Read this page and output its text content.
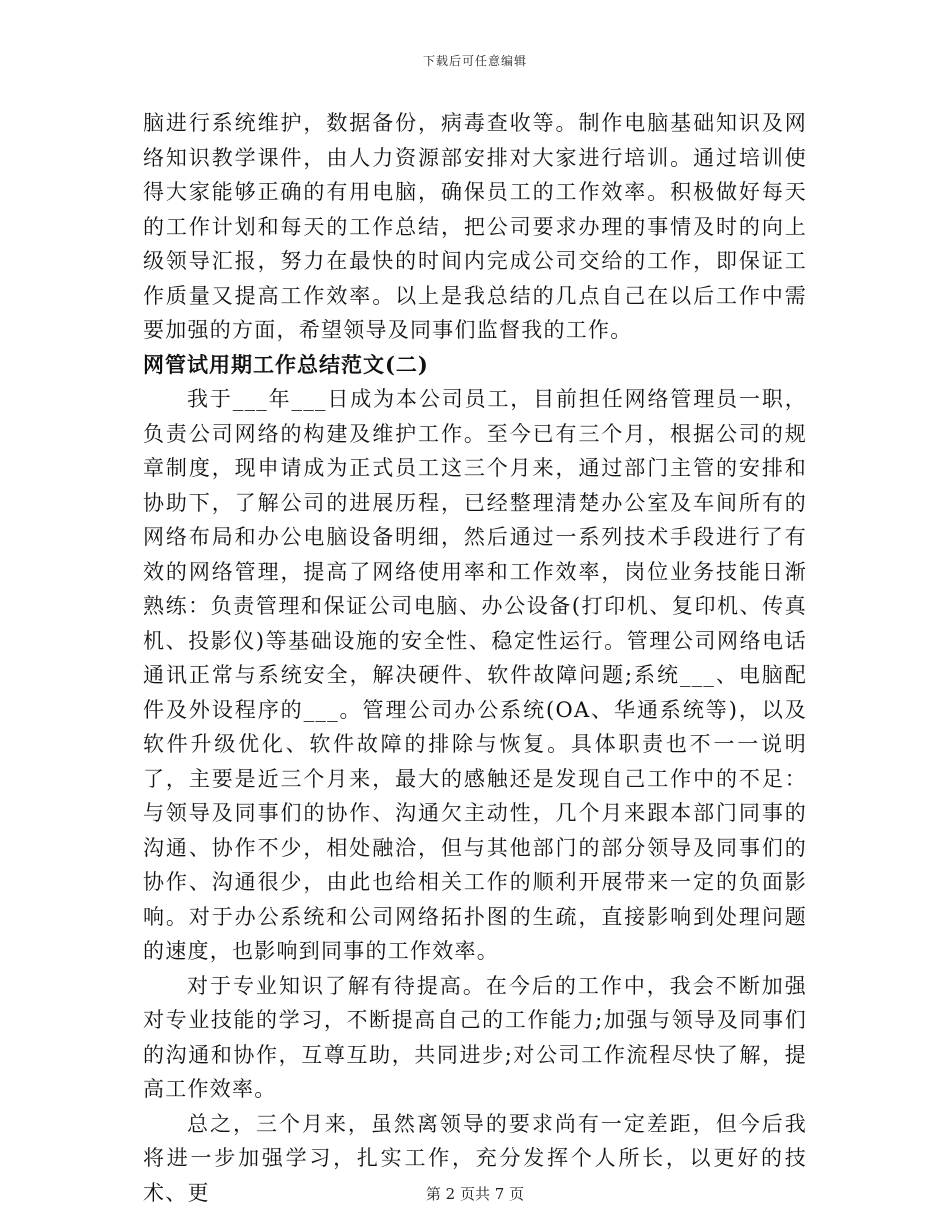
下载后可任意编辑

脑进行系统维护，数据备份，病毒查收等。制作电脑基础知识及网络知识教学课件，由人力资源部安排对大家进行培训。通过培训使得大家能够正确的有用电脑，确保员工的工作效率。积极做好每天的工作计划和每天的工作总结，把公司要求办理的事情及时的向上级领导汇报，努力在最快的时间内完成公司交给的工作，即保证工作质量又提高工作效率。以上是我总结的几点自己在以后工作中需要加强的方面，希望领导及同事们监督我的工作。

网管试用期工作总结范文(二)

我于___年___日成为本公司员工，目前担任网络管理员一职，负责公司网络的构建及维护工作。至今已有三个月，根据公司的规章制度，现申请成为正式员工这三个月来，通过部门主管的安排和协助下，了解公司的进展历程，已经整理清楚办公室及车间所有的网络布局和办公电脑设备明细，然后通过一系列技术手段进行了有效的网络管理，提高了网络使用率和工作效率，岗位业务技能日渐熟练：负责管理和保证公司电脑、办公设备(打印机、复印机、传真机、投影仪)等基础设施的安全性、稳定性运行。管理公司网络电话通讯正常与系统安全，解决硬件、软件故障问题;系统___、电脑配件及外设程序的___。管理公司办公系统(OA、华通系统等)，以及软件升级优化、软件故障的排除与恢复。具体职责也不一一说明了，主要是近三个月来，最大的感触还是发现自己工作中的不足：与领导及同事们的协作、沟通欠主动性，几个月来跟本部门同事的沟通、协作不少，相处融洽，但与其他部门的部分领导及同事们的协作、沟通很少，由此也给相关工作的顺利开展带来一定的负面影响。对于办公系统和公司网络拓扑图的生疏，直接影响到处理问题的速度，也影响到同事的工作效率。

对于专业知识了解有待提高。在今后的工作中，我会不断加强对专业技能的学习，不断提高自己的工作能力;加强与领导及同事们的沟通和协作，互尊互助，共同进步;对公司工作流程尽快了解，提高工作效率。

总之，三个月来，虽然离领导的要求尚有一定差距，但今后我将进一步加强学习，扎实工作，充分发挥个人所长，以更好的技术、更	第 2 页共 7 页
